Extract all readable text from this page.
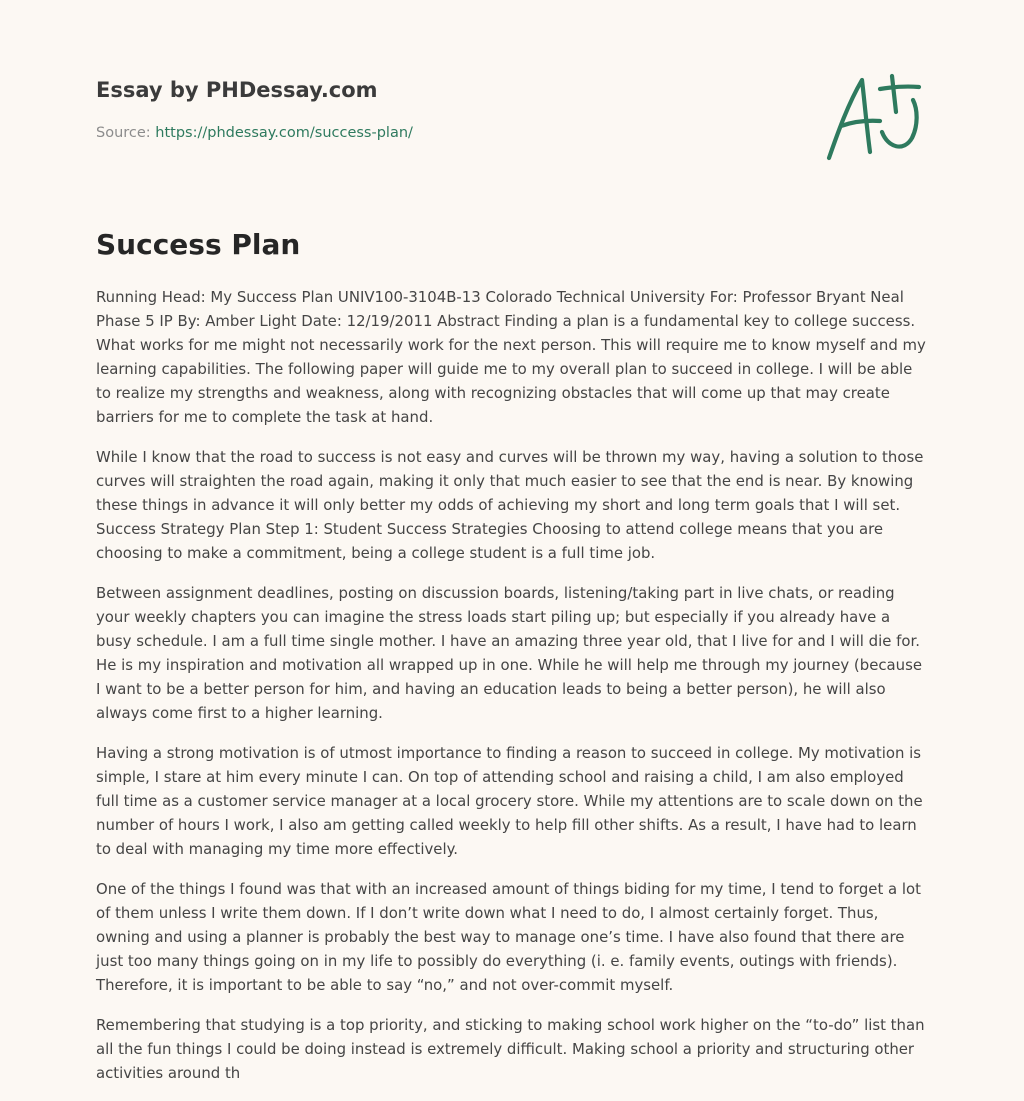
Essay by PHDessay.com

Source: https://phdessay.com/success-plan/
Success Plan

Running Head: My Success Plan UNIV100-3104B-13 Colorado Technical University For: Professor Bryant Neal Phase 5 IP By: Amber Light Date: 12/19/2011 Abstract Finding a plan is a fundamental key to college success. What works for me might not necessarily work for the next person. This will require me to know myself and my learning capabilities. The following paper will guide me to my overall plan to succeed in college. I will be able to realize my strengths and weakness, along with recognizing obstacles that will come up that may create barriers for me to complete the task at hand.

While I know that the road to success is not easy and curves will be thrown my way, having a solution to those curves will straighten the road again, making it only that much easier to see that the end is near. By knowing these things in advance it will only better my odds of achieving my short and long term goals that I will set. Success Strategy Plan Step 1: Student Success Strategies Choosing to attend college means that you are choosing to make a commitment, being a college student is a full time job.

Between assignment deadlines, posting on discussion boards, listening/taking part in live chats, or reading your weekly chapters you can imagine the stress loads start piling up; but especially if you already have a busy schedule. I am a full time single mother. I have an amazing three year old, that I live for and I will die for. He is my inspiration and motivation all wrapped up in one. While he will help me through my journey (because I want to be a better person for him, and having an education leads to being a better person), he will also always come first to a higher learning.

Having a strong motivation is of utmost importance to finding a reason to succeed in college. My motivation is simple, I stare at him every minute I can. On top of attending school and raising a child, I am also employed full time as a customer service manager at a local grocery store. While my attentions are to scale down on the number of hours I work, I also am getting called weekly to help fill other shifts. As a result, I have had to learn to deal with managing my time more effectively.

One of the things I found was that with an increased amount of things biding for my time, I tend to forget a lot of them unless I write them down. If I don’t write down what I need to do, I almost certainly forget. Thus, owning and using a planner is probably the best way to manage one’s time. I have also found that there are just too many things going on in my life to possibly do everything (i. e. family events, outings with friends). Therefore, it is important to be able to say “no,” and not over-commit myself.

Remembering that studying is a top priority, and sticking to making school work higher on the “to-do” list than all the fun things I could be doing instead is extremely difficult. Making school a priority and structuring other activities around th
